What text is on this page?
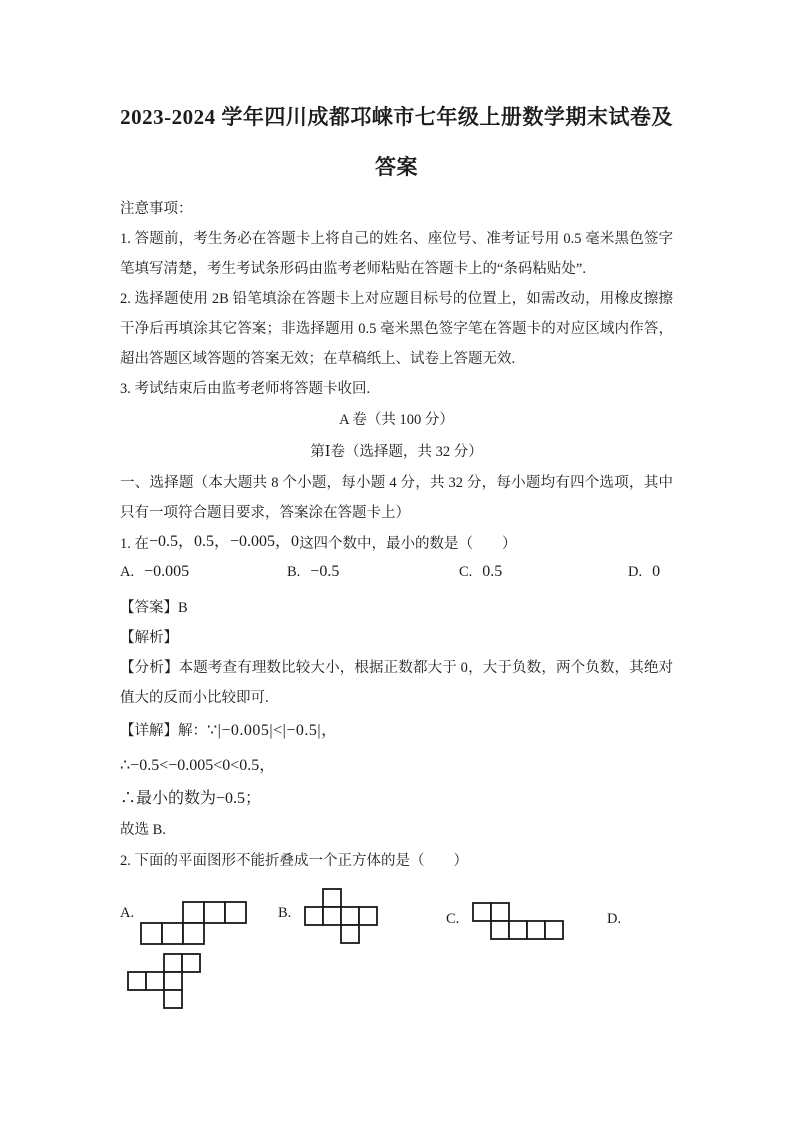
2023-2024 学年四川成都邛崃市七年级上册数学期末试卷及
答案

注意事项：

1. 答题前，考生务必在答题卡上将自己的姓名、座位号、准考证号用 0.5 毫米黑色签字笔填写清楚，考生考试条形码由监考老师粘贴在答题卡上的“条码粘贴处”.

2. 选择题使用 2B 铅笔填涂在答题卡上对应题目标号的位置上，如需改动，用橡皮擦擦干净后再填涂其它答案；非选择题用 0.5 毫米黑色签字笔在答题卡的对应区域内作答，超出答题区域答题的答案无效；在草稿纸上、试卷上答题无效.

3. 考试结束后由监考老师将答题卡收回.

A 卷（共 100 分）

第Ⅰ卷（选择题，共 32 分）

一、选择题（本大题共 8 个小题，每小题 4 分，共 32 分，每小题均有四个选项，其中只有一项符合题目要求，答案涂在答题卡上）

1. 在−0.5，0.5，−0.005，0这四个数中，最小的数是（　　）

A. −0.005	B. −0.5	C. 0.5	D. 0

【答案】B

【解析】

【分析】本题考查有理数比较大小，根据正数都大于 0，大于负数，两个负数，其绝对值大的反而小比较即可.

【详解】解：∵|−0.005|<|−0.5|，

∴−0.5<−0.005<0<0.5，

∴最小的数为−0.5；

故选 B.

2. 下面的平面图形不能折叠成一个正方体的是（　　）

A.	B.	C.	D.
